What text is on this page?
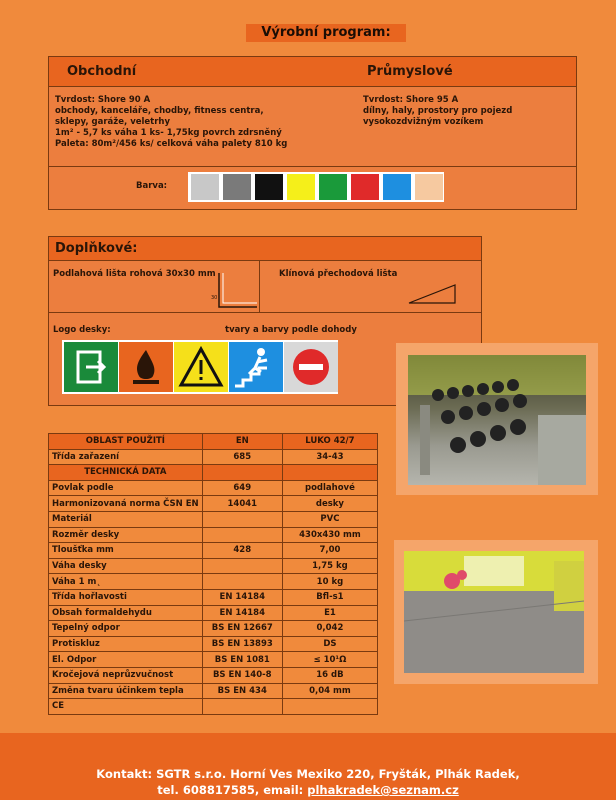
Výrobní program:
Obchodní	Průmyslové
Tvrdost: Shore 90 A
obchody, kanceláře, chodby, fitness centra,
sklepy, garáže, veletrhy
1m² - 5,7 ks váha 1 ks- 1,75kg povrch zdrsněný
Paleta: 80m²/456 ks/ celková váha palety 810 kg
Tvrdost: Shore 95 A
dílny, haly, prostory pro pojezd
vysokozdvižným vozíkem
Barva:
Doplňkové:
Podlahová lišta rohová 30x30 mm
30
Klínová přechodová lišta
Logo desky:	tvary a barvy podle dohody
OBLAST POUŽITÍ	EN	LUKO 42/7
Třída zařazení	685	34-43
TECHNICKÁ DATA		
Povlak podle	649	podlahové
Harmonizovaná norma ČSN EN	14041	desky
Materiál		PVC
Rozměr desky		430x430 mm
Tloušťka mm	428	7,00
Váha desky		1,75 kg
Váha 1 m˛		10 kg
Třída hořlavosti	EN 14184	Bfl-s1
Obsah formaldehydu	EN 14184	E1
Tepelný odpor	BS EN 12667	0,042
Protiskluz	BS EN 13893	DS
El. Odpor	BS EN 1081	≤ 10¹Ω
Kročejová neprůzvučnost	BS EN 140-8	16 dB
Změna tvaru účinkem tepla	BS EN 434	0,04 mm
CE		
Kontakt: SGTR s.r.o. Horní Ves Mexiko 220, Fryšták, Plhák Radek,
tel. 608817585, email: plhakradek@seznam.cz
